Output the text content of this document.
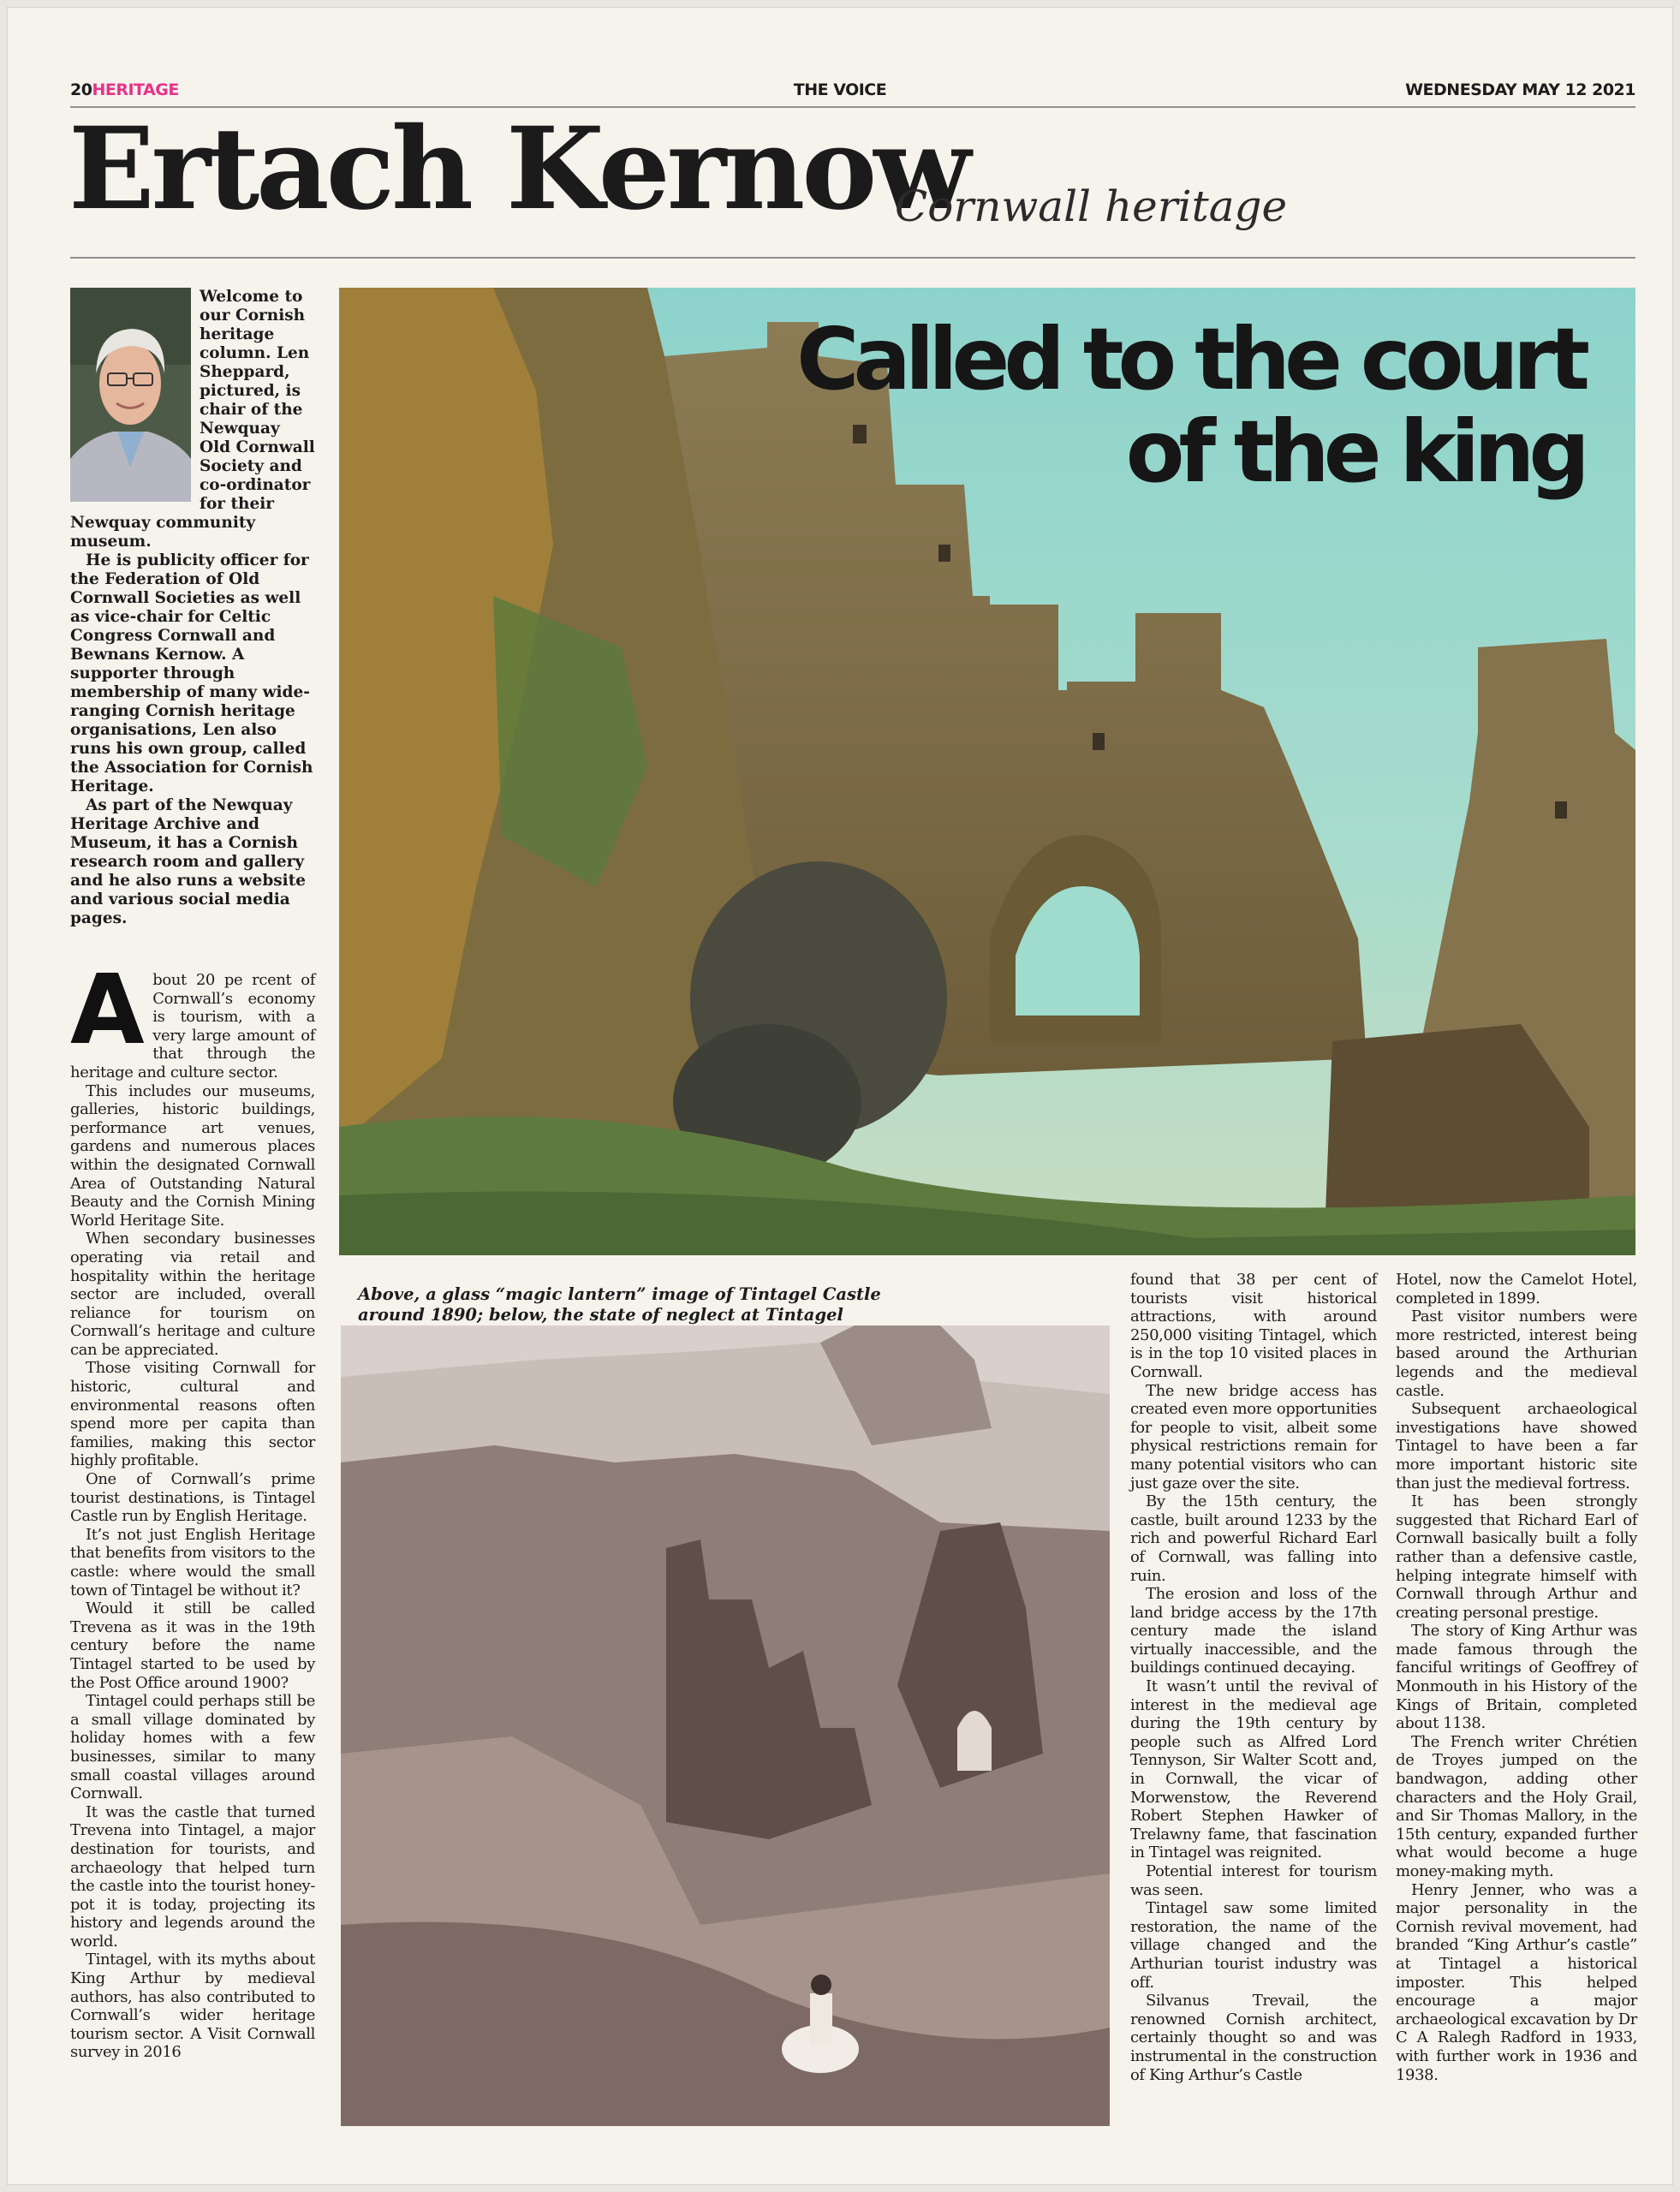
20HERITAGE	THE VOICE	WEDNESDAY MAY 12 2021
Ertach Kernow
Cornwall heritage

Welcome to our Cornish heritage column. Len Sheppard, pictured, is chair of the Newquay Old Cornwall Society and co-ordinator for their Newquay community museum.

He is publicity officer for the Federation of Old Cornwall Societies as well as vice-chair for Celtic Congress Cornwall and Bewnans Kernow. A supporter through membership of many wide-ranging Cornish heritage organisations, Len also runs his own group, called the Association for Cornish Heritage.

As part of the Newquay Heritage Archive and Museum, it has a Cornish research room and gallery and he also runs a website and various social media pages.

About 20 pe rcent of Cornwall’s economy is tourism, with a very large amount of that through the heritage and culture sector.

This includes our museums, galleries, historic buildings, performance art venues, gardens and numerous places within the designated Cornwall Area of Outstanding Natural Beauty and the Cornish Mining World Heritage Site.

When secondary businesses operating via retail and hospitality within the heritage sector are included, overall reliance for tourism on Cornwall’s heritage and culture can be appreciated.

Those visiting Cornwall for historic, cultural and environmental reasons often spend more per capita than families, making this sector highly profitable.

One of Cornwall’s prime tourist destinations, is Tintagel Castle run by English Heritage.

It’s not just English Heritage that benefits from visitors to the castle: where would the small town of Tintagel be without it?

Would it still be called Trevena as it was in the 19th century before the name Tintagel started to be used by the Post Office around 1900?

Tintagel could perhaps still be a small village dominated by holiday homes with a few businesses, similar to many small coastal villages around Cornwall.

It was the castle that turned Trevena into Tintagel, a major destination for tourists, and archaeology that helped turn the castle into the tourist honey-pot it is today, projecting its history and legends around the world.

Tintagel, with its myths about King Arthur by medieval authors, has also contributed to Cornwall’s wider heritage tourism sector. A Visit Cornwall survey in 2016

Called to the court
of the king
Above, a glass “magic lantern” image of Tintagel Castle around 1890; below, the state of neglect at Tintagel

found that 38 per cent of tourists visit historical attractions, with around 250,000 visiting Tintagel, which is in the top 10 visited places in Cornwall.

The new bridge access has created even more opportunities for people to visit, albeit some physical restrictions remain for many potential visitors who can just gaze over the site.

By the 15th century, the castle, built around 1233 by the rich and powerful Richard Earl of Cornwall, was falling into ruin.

The erosion and loss of the land bridge access by the 17th century made the island virtually inaccessible, and the buildings continued decaying.

It wasn’t until the revival of interest in the medieval age during the 19th century by people such as Alfred Lord Tennyson, Sir Walter Scott and, in Cornwall, the vicar of Morwenstow, the Reverend Robert Stephen Hawker of Trelawny fame, that fascination in Tintagel was reignited.

Potential interest for tourism was seen.

Tintagel saw some limited restoration, the name of the village changed and the Arthurian tourist industry was off.

Silvanus Trevail, the renowned Cornish architect, certainly thought so and was instrumental in the construction of King Arthur’s Castle

Hotel, now the Camelot Hotel, completed in 1899.

Past visitor numbers were more restricted, interest being based around the Arthurian legends and the medieval castle.

Subsequent archaeological investigations have showed Tintagel to have been a far more important historic site than just the medieval fortress.

It has been strongly suggested that Richard Earl of Cornwall basically built a folly rather than a defensive castle, helping integrate himself with Cornwall through Arthur and creating personal prestige.

The story of King Arthur was made famous through the fanciful writings of Geoffrey of Monmouth in his History of the Kings of Britain, completed about 1138.

The French writer Chrétien de Troyes jumped on the bandwagon, adding other characters and the Holy Grail, and Sir Thomas Mallory, in the 15th century, expanded further what would become a huge money-making myth.

Henry Jenner, who was a major personality in the Cornish revival movement, had branded “King Arthur’s castle” at Tintagel a historical imposter. This helped encourage a major archaeological excavation by Dr C A Ralegh Radford in 1933, with further work in 1936 and 1938.
